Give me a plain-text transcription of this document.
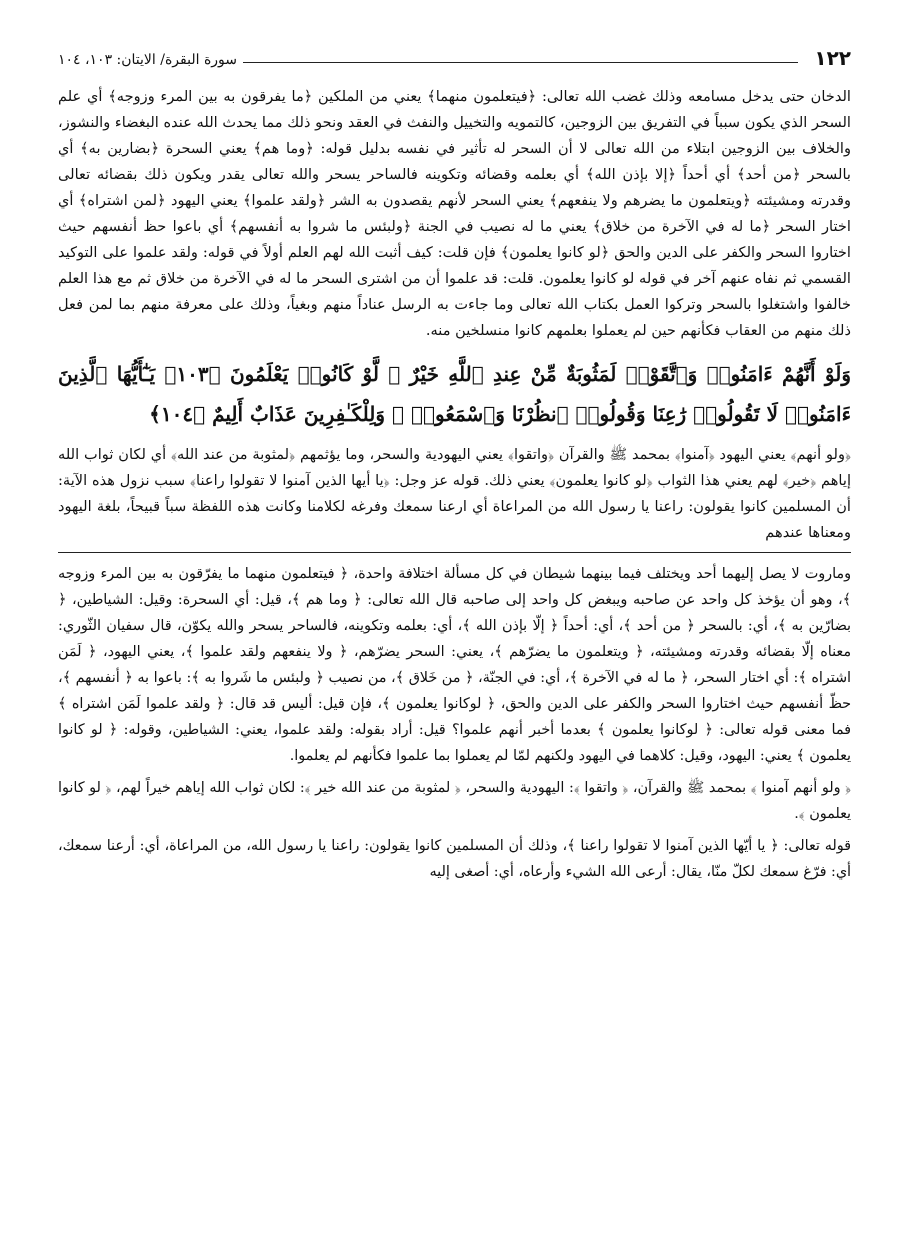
١٢٢
سورة البقرة/ الايتان: ١٠٣، ١٠٤

الدخان حتى يدخل مسامعه وذلك غضب الله تعالى: ﴿فيتعلمون منهما﴾ يعني من الملكين ﴿ما يفرقون به بين المرء وزوجه﴾ أي علم السحر الذي يكون سبباً في التفريق بين الزوجين، كالتمويه والتخييل والنفث في العقد ونحو ذلك مما يحدث الله عنده البغضاء والنشوز، والخلاف بين الزوجين ابتلاء من الله تعالى لا أن السحر له تأثير في نفسه بدليل قوله: ﴿وما هم﴾ يعني السحرة ﴿بضارين به﴾ أي بالسحر ﴿من أحد﴾ أي أحداً ﴿إلا بإذن الله﴾ أي بعلمه وقضائه وتكوينه فالساحر يسحر والله تعالى يقدر ويكون ذلك بقضائه تعالى وقدرته ومشيئته ﴿ويتعلمون ما يضرهم ولا ينفعهم﴾ يعني السحر لأنهم يقصدون به الشر ﴿ولقد علموا﴾ يعني اليهود ﴿لمن اشتراه﴾ أي اختار السحر ﴿ما له في الآخرة من خلاق﴾ يعني ما له نصيب في الجنة ﴿ولبئس ما شروا به أنفسهم﴾ أي باعوا حظ أنفسهم حيث اختاروا السحر والكفر على الدين والحق ﴿لو كانوا يعلمون﴾ فإن قلت: كيف أثبت الله لهم العلم أولاً في قوله: ولقد علموا على التوكيد القسمي ثم نفاه عنهم آخر في قوله لو كانوا يعلمون. قلت: قد علموا أن من اشترى السحر ما له في الآخرة من خلاق ثم مع هذا العلم خالفوا واشتغلوا بالسحر وتركوا العمل بكتاب الله تعالى وما جاءت به الرسل عناداً منهم وبغياً، وذلك على معرفة منهم بما لمن فعل ذلك منهم من العقاب فكأنهم حين لم يعملوا بعلمهم كانوا منسلخين منه.

وَلَوْ أَنَّهُمْ ءَامَنُوا۟ وَٱتَّقَوْا۟ لَمَثُوبَةٌ مِّنْ عِندِ ٱللَّهِ خَيْرٌ ۖ لَّوْ كَانُوا۟ يَعْلَمُونَ ﴿١٠٣﴾ يَـٰٓأَيُّهَا ٱلَّذِينَ ءَامَنُوا۟ لَا تَقُولُوا۟ رَٰعِنَا وَقُولُوا۟ ٱنظُرْنَا وَٱسْمَعُوا۟ ۗ وَلِلْكَـٰفِرِينَ عَذَابٌ أَلِيمٌ ﴿١٠٤﴾

﴿ولو أنهم﴾ يعني اليهود ﴿آمنوا﴾ بمحمد ﷺ والقرآن ﴿واتقوا﴾ يعني اليهودية والسحر، وما يؤثمهم ﴿لمثوبة من عند الله﴾ أي لكان ثواب الله إياهم ﴿خير﴾ لهم يعني هذا الثواب ﴿لو كانوا يعلمون﴾ يعني ذلك. قوله عز وجل: ﴿يا أيها الذين آمنوا لا تقولوا راعنا﴾ سبب نزول هذه الآية: أن المسلمين كانوا يقولون: راعنا يا رسول الله من المراعاة أي ارعنا سمعك وفرغه لكلامنا وكانت هذه اللفظة سباً قبيحاً، بلغة اليهود ومعناها عندهم

وماروت لا يصل إليهما أحد ويختلف فيما بينهما شيطان في كل مسألة اختلافة واحدة، ﴿ فيتعلمون منهما ما يفرّقون به بين المرء وزوجه ﴾، وهو أن يؤخذ كل واحد عن صاحبه ويبغض كل واحد إلى صاحبه قال الله تعالى: ﴿ وما هم ﴾، قيل: أي السحرة: وقيل: الشياطين، ﴿ بضارّين به ﴾، أي: بالسحر ﴿ من أحد ﴾، أي: أحداً ﴿ إلّا بإذن الله ﴾، أي: بعلمه وتكوينه، فالساحر يسحر والله يكوّن، قال سفيان الثّوري: معناه إلّا بقضائه وقدرته ومشيئته، ﴿ ويتعلمون ما يضرّهم ﴾، يعني: السحر يضرّهم، ﴿ ولا ينفعهم ولقد علموا ﴾، يعني اليهود، ﴿ لَمَن اشتراه ﴾: أي اختار السحر، ﴿ ما له في الآخرة ﴾، أي: في الجنّة، ﴿ من خَلاق ﴾، من نصيب ﴿ ولبئس ما شَروا به ﴾: باعوا به ﴿ أنفسهم ﴾، حظّ أنفسهم حيث اختاروا السحر والكفر على الدين والحق، ﴿ لوكانوا يعلمون ﴾، فإن قيل: أليس قد قال: ﴿ ولقد علموا لَمَن اشتراه ﴾ فما معنى قوله تعالى: ﴿ لوكانوا يعلمون ﴾ بعدما أخبر أنهم علموا؟ قيل: أراد بقوله: ولقد علموا، يعني: الشياطين، وقوله: ﴿ لو كانوا يعلمون ﴾ يعني: اليهود، وقيل: كلاهما في اليهود ولكنهم لمّا لم يعملوا بما علموا فكأنهم لم يعلموا.

﴿ ولو أنهم آمنوا ﴾ بمحمد ﷺ والقرآن، ﴿ واتقوا ﴾: اليهودية والسحر، ﴿ لمثوبة من عند الله خير ﴾: لكان ثواب الله إياهم خيراً لهم، ﴿ لو كانوا يعلمون ﴾.

قوله تعالى: ﴿ يا أيّها الذين آمنوا لا تقولوا راعنا ﴾، وذلك أن المسلمين كانوا يقولون: راعنا يا رسول الله، من المراعاة، أي: أرعنا سمعك، أي: فرّغ سمعك لكلّ منّا، يقال: أرعى الله الشيء وأرعاه، أي: أصغى إليه
